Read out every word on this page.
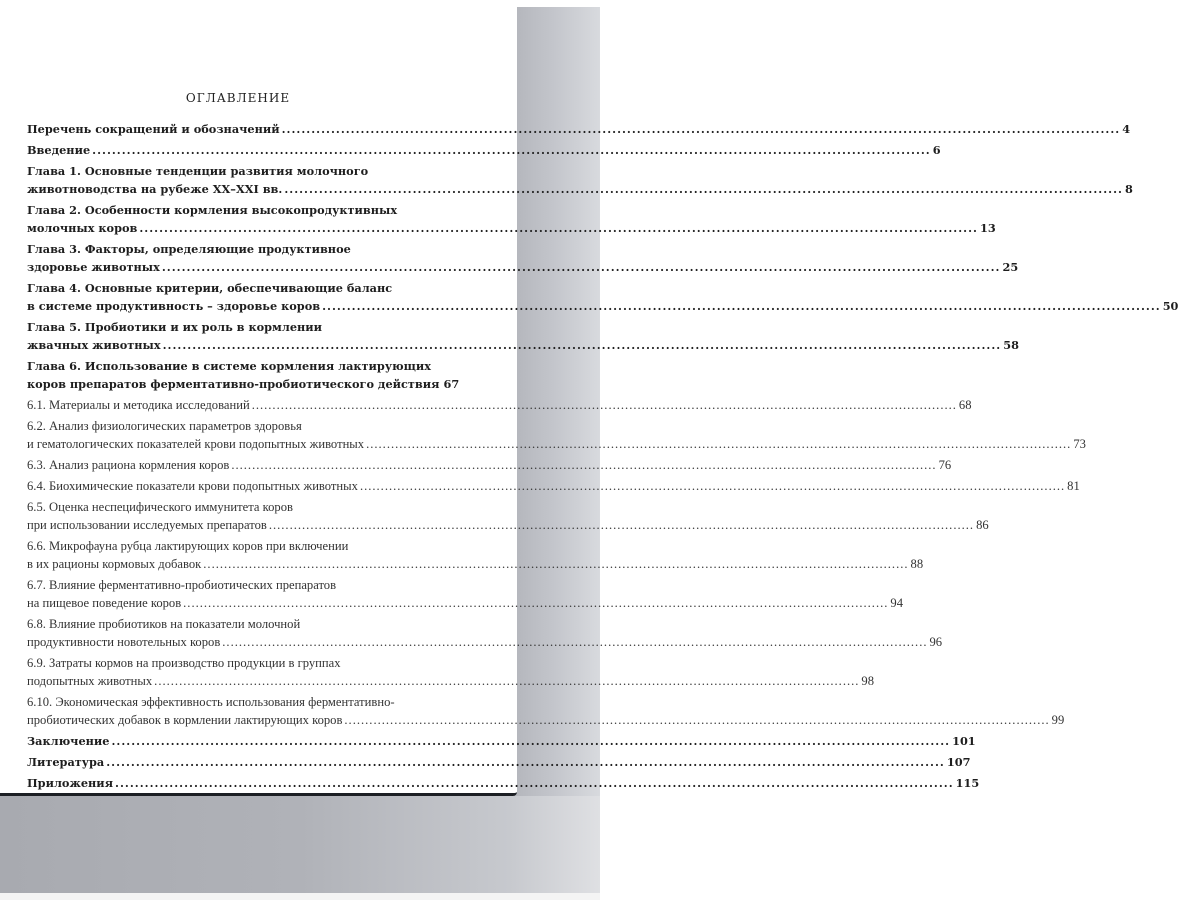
ОГЛАВЛЕНИЕ
Перечень сокращений и обозначений .....	4
Введение .....	6
Глава 1. Основные тенденции развития молочного
животноводства на рубеже XX–XXI вв. .....	8
Глава 2. Особенности кормления высокопродуктивных
молочных коров .....	13
Глава 3. Факторы, определяющие продуктивное
здоровье животных .....	25
Глава 4. Основные критерии, обеспечивающие баланс
в системе продуктивность – здоровье коров .....	50
Глава 5. Пробиотики и их роль в кормлении
жвачных животных .....	58
Глава 6. Использование в системе кормления лактирующих
коров препаратов ферментативно-пробиотического действия 67
6.1. Материалы и методика исследований .....	68
6.2. Анализ физиологических параметров здоровья
и гематологических показателей крови подопытных животных .....	73
6.3. Анализ рациона кормления коров .....	76
6.4. Биохимические показатели крови подопытных животных .....	81
6.5. Оценка неспецифического иммунитета коров
при использовании исследуемых препаратов .....	86
6.6. Микрофауна рубца лактирующих коров при включении
в их рационы кормовых добавок .....	88
6.7. Влияние ферментативно-пробиотических препаратов
на пищевое поведение коров .....	94
6.8. Влияние пробиотиков на показатели молочной
продуктивности новотельных коров .....	96
6.9. Затраты кормов на производство продукции в группах
подопытных животных .....	98
6.10. Экономическая эффективность использования ферментативно-
пробиотических добавок в кормлении лактирующих коров .....	99
Заключение .....	101
Литература .....	107
Приложения .....	115
